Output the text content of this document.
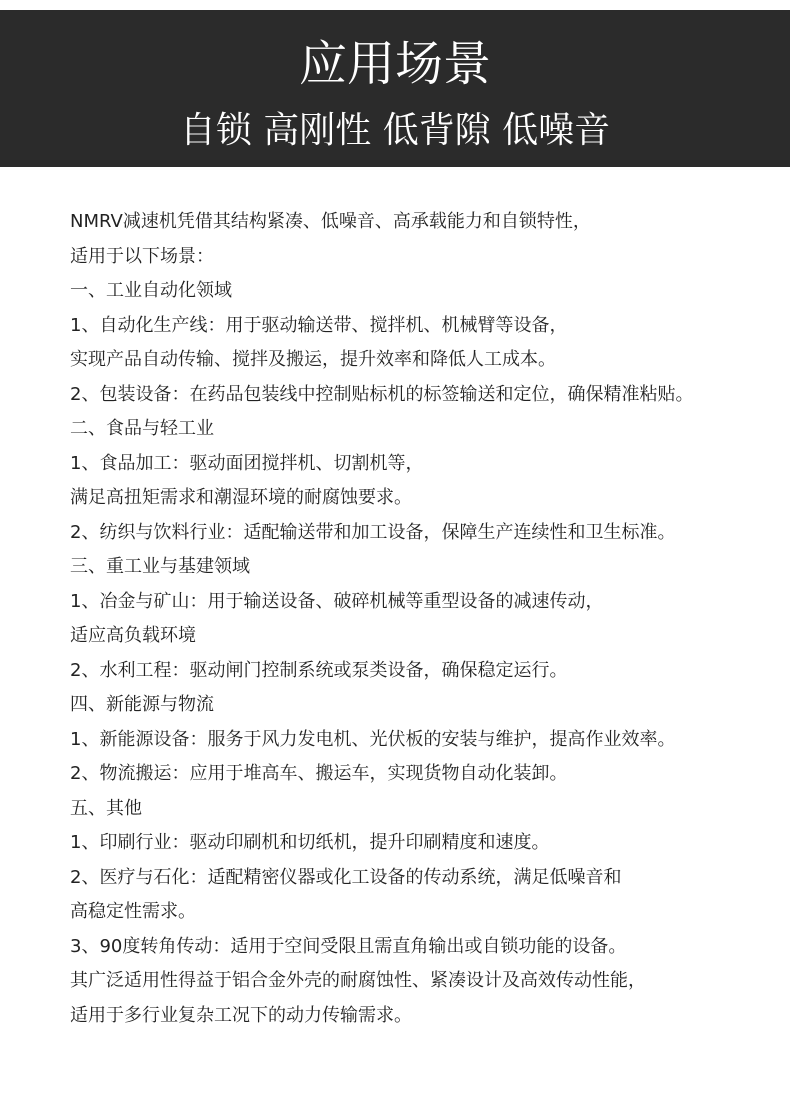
应用场景
自锁 高刚性 低背隙 低噪音
NMRV减速机凭借其结构紧凑、低噪音、高承载能力和自锁特性，
适用于以下场景：
一、工业自动化领域
1、自动化生产线：用于驱动输送带、搅拌机、机械臂等设备，
实现产品自动传输、搅拌及搬运，提升效率和降低人工成本。
2、包装设备：在药品包装线中控制贴标机的标签输送和定位，确保精准粘贴。
二、食品与轻工业
1、食品加工：驱动面团搅拌机、切割机等，
满足高扭矩需求和潮湿环境的耐腐蚀要求。
2、纺织与饮料行业：适配输送带和加工设备，保障生产连续性和卫生标准。
三、重工业与基建领域
1、冶金与矿山：用于输送设备、破碎机械等重型设备的减速传动，
适应高负载环境
2、水利工程：驱动闸门控制系统或泵类设备，确保稳定运行。
四、新能源与物流
1、新能源设备：服务于风力发电机、光伏板的安装与维护，提高作业效率。
2、物流搬运：应用于堆高车、搬运车，实现货物自动化装卸。
五、其他
1、印刷行业：驱动印刷机和切纸机，提升印刷精度和速度。
2、医疗与石化：适配精密仪器或化工设备的传动系统，满足低噪音和
高稳定性需求。
3、90度转角传动：适用于空间受限且需直角输出或自锁功能的设备。
其广泛适用性得益于铝合金外壳的耐腐蚀性、紧凑设计及高效传动性能，
适用于多行业复杂工况下的动力传输需求。
